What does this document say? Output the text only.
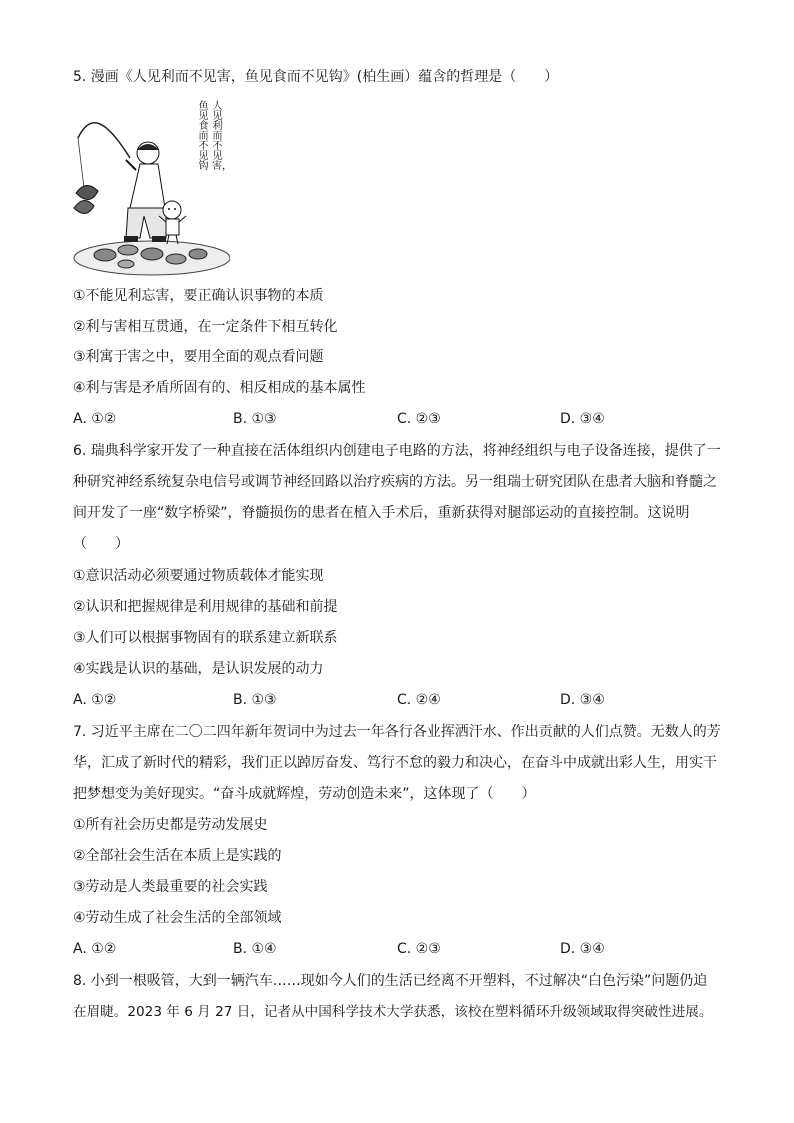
5. 漫画《人见利而不见害，鱼见食而不见钩》(柏生画）蕴含的哲理是（　　）
人见利而不见害，
鱼见食而不见钩
①不能见利忘害，要正确认识事物的本质
②利与害相互贯通，在一定条件下相互转化
③利寓于害之中，要用全面的观点看问题
④利与害是矛盾所固有的、相反相成的基本属性
A. ①②	B. ①③	C. ②③	D. ③④
6. 瑞典科学家开发了一种直接在活体组织内创建电子电路的方法，将神经组织与电子设备连接，提供了一
种研究神经系统复杂电信号或调节神经回路以治疗疾病的方法。另一组瑞士研究团队在患者大脑和脊髓之
间开发了一座“数字桥梁”，脊髓损伤的患者在植入手术后，重新获得对腿部运动的直接控制。这说明
（　　）
①意识活动必须要通过物质载体才能实现
②认识和把握规律是利用规律的基础和前提
③人们可以根据事物固有的联系建立新联系
④实践是认识的基础，是认识发展的动力
A. ①②	B. ①③	C. ②④	D. ③④
7. 习近平主席在二〇二四年新年贺词中为过去一年各行各业挥洒汗水、作出贡献的人们点赞。无数人的芳
华，汇成了新时代的精彩，我们正以踔厉奋发、笃行不怠的毅力和决心，在奋斗中成就出彩人生，用实干
把梦想变为美好现实。“奋斗成就辉煌，劳动创造未来”，这体现了（　　）
①所有社会历史都是劳动发展史
②全部社会生活在本质上是实践的
③劳动是人类最重要的社会实践
④劳动生成了社会生活的全部领域
A. ①②	B. ①④	C. ②③	D. ③④
8. 小到一根吸管，大到一辆汽车……现如今人们的生活已经离不开塑料，不过解决“白色污染”问题仍迫
在眉睫。2023 年 6 月 27 日，记者从中国科学技术大学获悉，该校在塑料循环升级领域取得突破性进展。
